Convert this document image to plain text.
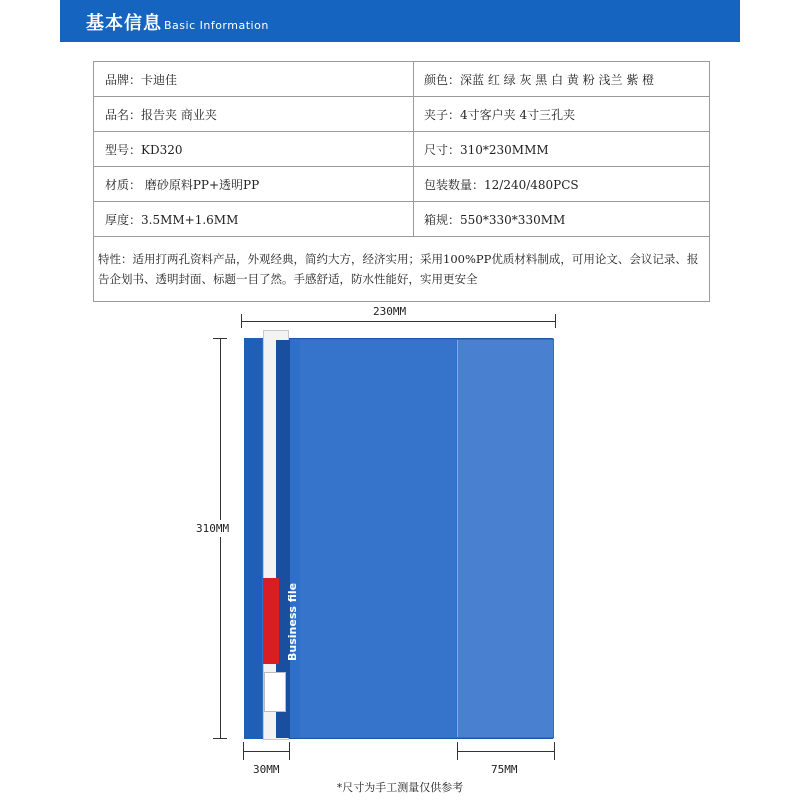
基本信息 Basic Information
品牌：卡迪佳	颜色：深蓝 红 绿 灰 黑 白 黄 粉 浅兰 紫 橙
品名：报告夹 商业夹	夹子：4寸客户夹 4寸三孔夹
型号：KD320	尺寸：310*230MMM
材质： 磨砂原料PP+透明PP	包装数量：12/240/480PCS
厚度：3.5MM+1.6MM	箱规：550*330*330MM
特性：适用打两孔资料产品，外观经典，简约大方，经济实用；采用100%PP优质材料制成，可用论文、会议记录、报告企划书、透明封面、标题一目了然。手感舒适，防水性能好，实用更安全	
230MM
310MM
Business file
30MM	75MM
*尺寸为手工测量仅供参考
